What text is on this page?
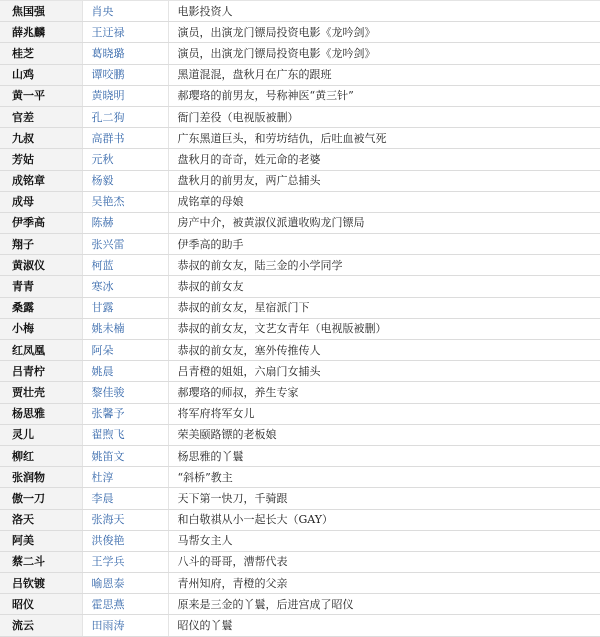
焦国强	肖央	电影投资人
薛兆麟	王迂禄	演员，出演龙门镖局投资电影《龙吟剑》
桂芝	葛晓璐	演员，出演龙门镖局投资电影《龙吟剑》
山鸡	谭咬鹏	黑道混混，盘秋月在广东的跟班
黄一平	黄晓明	郝璎珞的前男友，号称神医“黄三针”
官差	孔二狗	衙门差役（电视版被删）
九叔	高群书	广东黑道巨头，和劳坊结仇，后吐血被气死
芳姑	元秋	盘秋月的奇奇，姓元命的老婆
成铭章	杨毅	盘秋月的前男友，两广总捕头
成母	吴艳杰	成铭章的母娘
伊季高	陈赫	房产中介，被黄淑仪派遣收购龙门镖局
翔子	张兴雷	伊季高的助手
黄淑仪	柯蓝	恭叔的前女友，陆三金的小学同学
青青	寒冰	恭叔的前女友
桑露	甘露	恭叔的前女友，星宿派门下
小梅	姚未楠	恭叔的前女友，文艺女青年（电视版被删）
红凤凰	阿朵	恭叔的前女友，塞外传推传人
吕青柠	姚晨	吕青橙的姐姐，六扇门女捕头
贾壮壳	黎佳骏	郝璎珞的师叔，养生专家
杨思雅	张馨予	将军府将军女儿
灵儿	翟煦飞	荣美颐路镖的老板娘
柳红	姚笛文	杨思雅的丫鬟
张润物	杜淳	“斜桥”教主
傲一刀	李晨	天下第一快刀，千骑跟
洛天	张海天	和白敬祺从小一起长大（GAY）
阿美	洪俊艳	马帮女主人
蔡二斗	王学兵	八斗的哥哥，漕帮代表
吕钦镀	喻恩泰	青州知府，青橙的父亲
昭仪	霍思燕	原来是三金的丫鬟，后进宫成了昭仪
流云	田雨涛	昭仪的丫鬟
